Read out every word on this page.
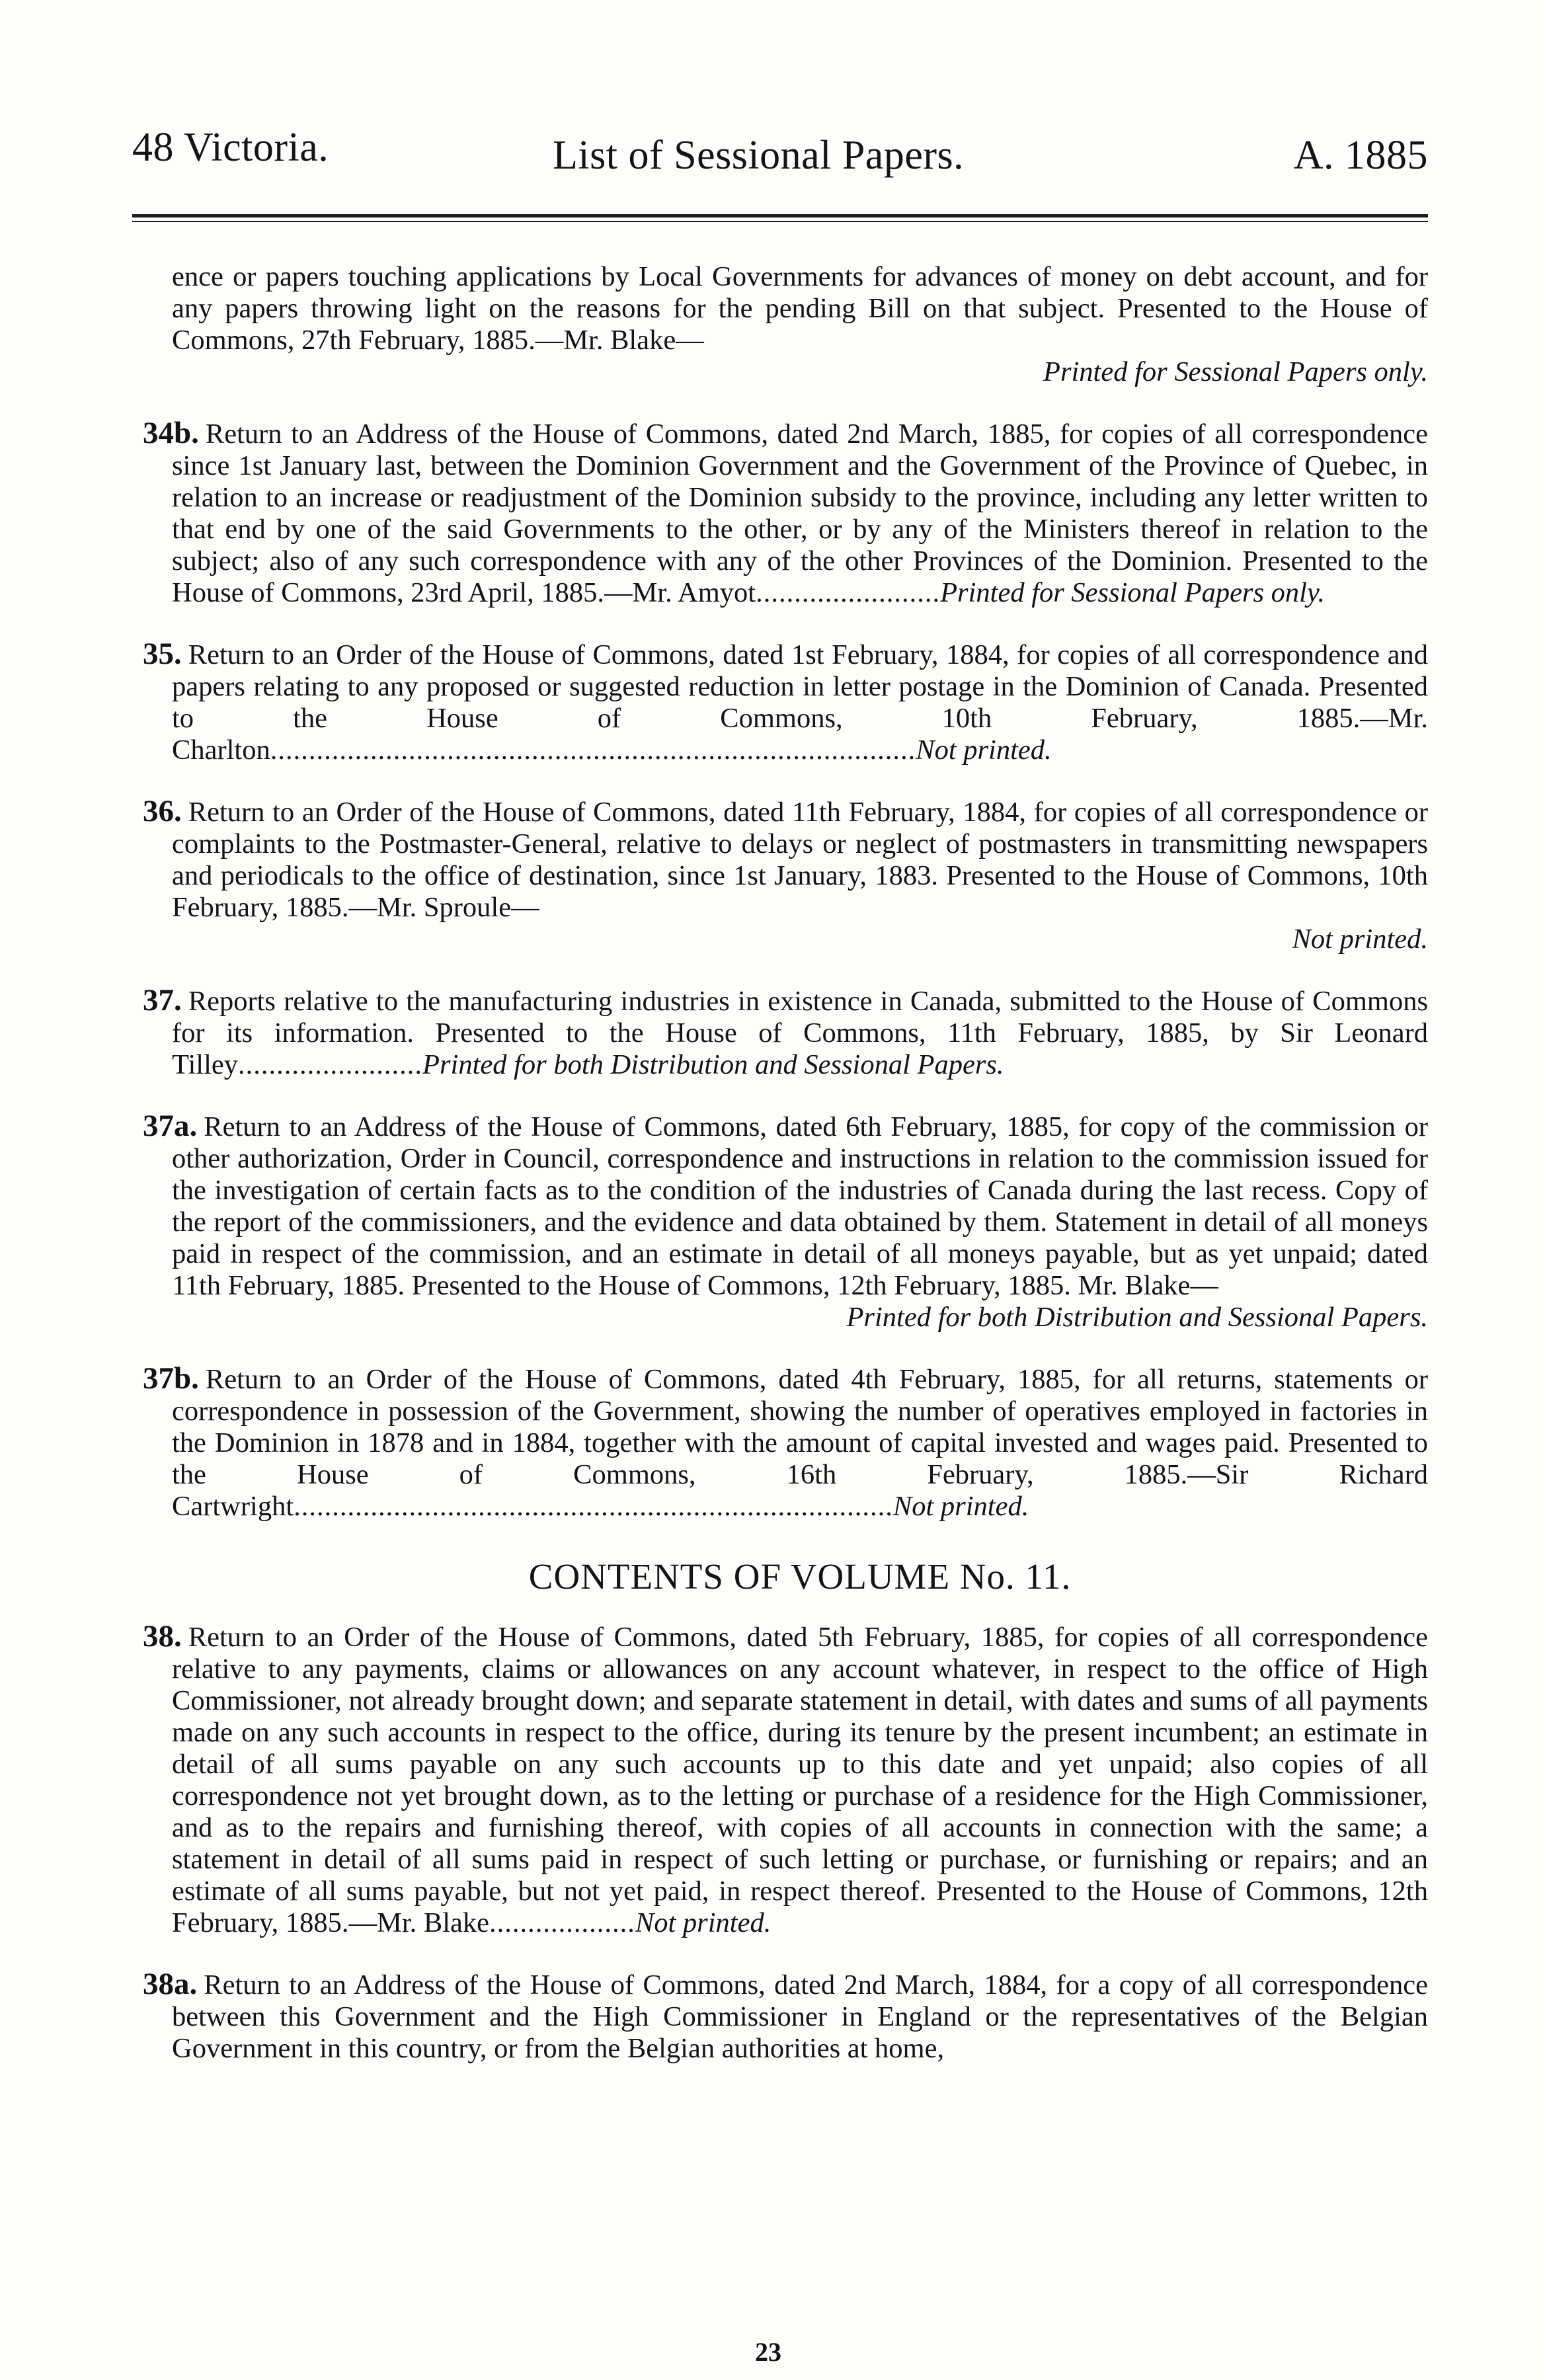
48 Victoria.	List of Sessional Papers.	A. 1885

ence or papers touching applications by Local Governments for advances of money on debt account, and for any papers throwing light on the reasons for the pending Bill on that subject. Presented to the House of Commons, 27th February, 1885.—Mr. Blake—

Printed for Sessional Papers only.

34b. Return to an Address of the House of Commons, dated 2nd March, 1885, for copies of all correspondence since 1st January last, between the Dominion Government and the Government of the Province of Quebec, in relation to an increase or readjustment of the Dominion subsidy to the province, including any letter written to that end by one of the said Governments to the other, or by any of the Ministers thereof in relation to the subject; also of any such correspondence with any of the other Provinces of the Dominion. Presented to the House of Commons, 23rd April, 1885.—Mr. Amyot........................Printed for Sessional Papers only.

35. Return to an Order of the House of Commons, dated 1st February, 1884, for copies of all correspondence and papers relating to any proposed or suggested reduction in letter postage in the Dominion of Canada. Presented to the House of Commons, 10th February, 1885.—Mr. Charlton....................................................................................Not printed.

36. Return to an Order of the House of Commons, dated 11th February, 1884, for copies of all correspondence or complaints to the Postmaster-General, relative to delays or neglect of postmasters in transmitting newspapers and periodicals to the office of destination, since 1st January, 1883. Presented to the House of Commons, 10th February, 1885.—Mr. Sproule—

Not printed.

37. Reports relative to the manufacturing industries in existence in Canada, submitted to the House of Commons for its information. Presented to the House of Commons, 11th February, 1885, by Sir Leonard Tilley........................Printed for both Distribution and Sessional Papers.

37a. Return to an Address of the House of Commons, dated 6th February, 1885, for copy of the commission or other authorization, Order in Council, correspondence and instructions in relation to the commission issued for the investigation of certain facts as to the condition of the industries of Canada during the last recess. Copy of the report of the commissioners, and the evidence and data obtained by them. Statement in detail of all moneys paid in respect of the commission, and an estimate in detail of all moneys payable, but as yet unpaid; dated 11th February, 1885. Presented to the House of Commons, 12th February, 1885. Mr. Blake—

Printed for both Distribution and Sessional Papers.

37b. Return to an Order of the House of Commons, dated 4th February, 1885, for all returns, statements or correspondence in possession of the Government, showing the number of operatives employed in factories in the Dominion in 1878 and in 1884, together with the amount of capital invested and wages paid. Presented to the House of Commons, 16th February, 1885.—Sir Richard Cartwright..............................................................................Not printed.

CONTENTS OF VOLUME No. 11.

38. Return to an Order of the House of Commons, dated 5th February, 1885, for copies of all correspondence relative to any payments, claims or allowances on any account whatever, in respect to the office of High Commissioner, not already brought down; and separate statement in detail, with dates and sums of all payments made on any such accounts in respect to the office, during its tenure by the present incumbent; an estimate in detail of all sums payable on any such accounts up to this date and yet unpaid; also copies of all correspondence not yet brought down, as to the letting or purchase of a residence for the High Commissioner, and as to the repairs and furnishing thereof, with copies of all accounts in connection with the same; a statement in detail of all sums paid in respect of such letting or purchase, or furnishing or repairs; and an estimate of all sums payable, but not yet paid, in respect thereof. Presented to the House of Commons, 12th February, 1885.—Mr. Blake...................Not printed.

38a. Return to an Address of the House of Commons, dated 2nd March, 1884, for a copy of all correspondence between this Government and the High Commissioner in England or the representatives of the Belgian Government in this country, or from the Belgian authorities at home,

23
